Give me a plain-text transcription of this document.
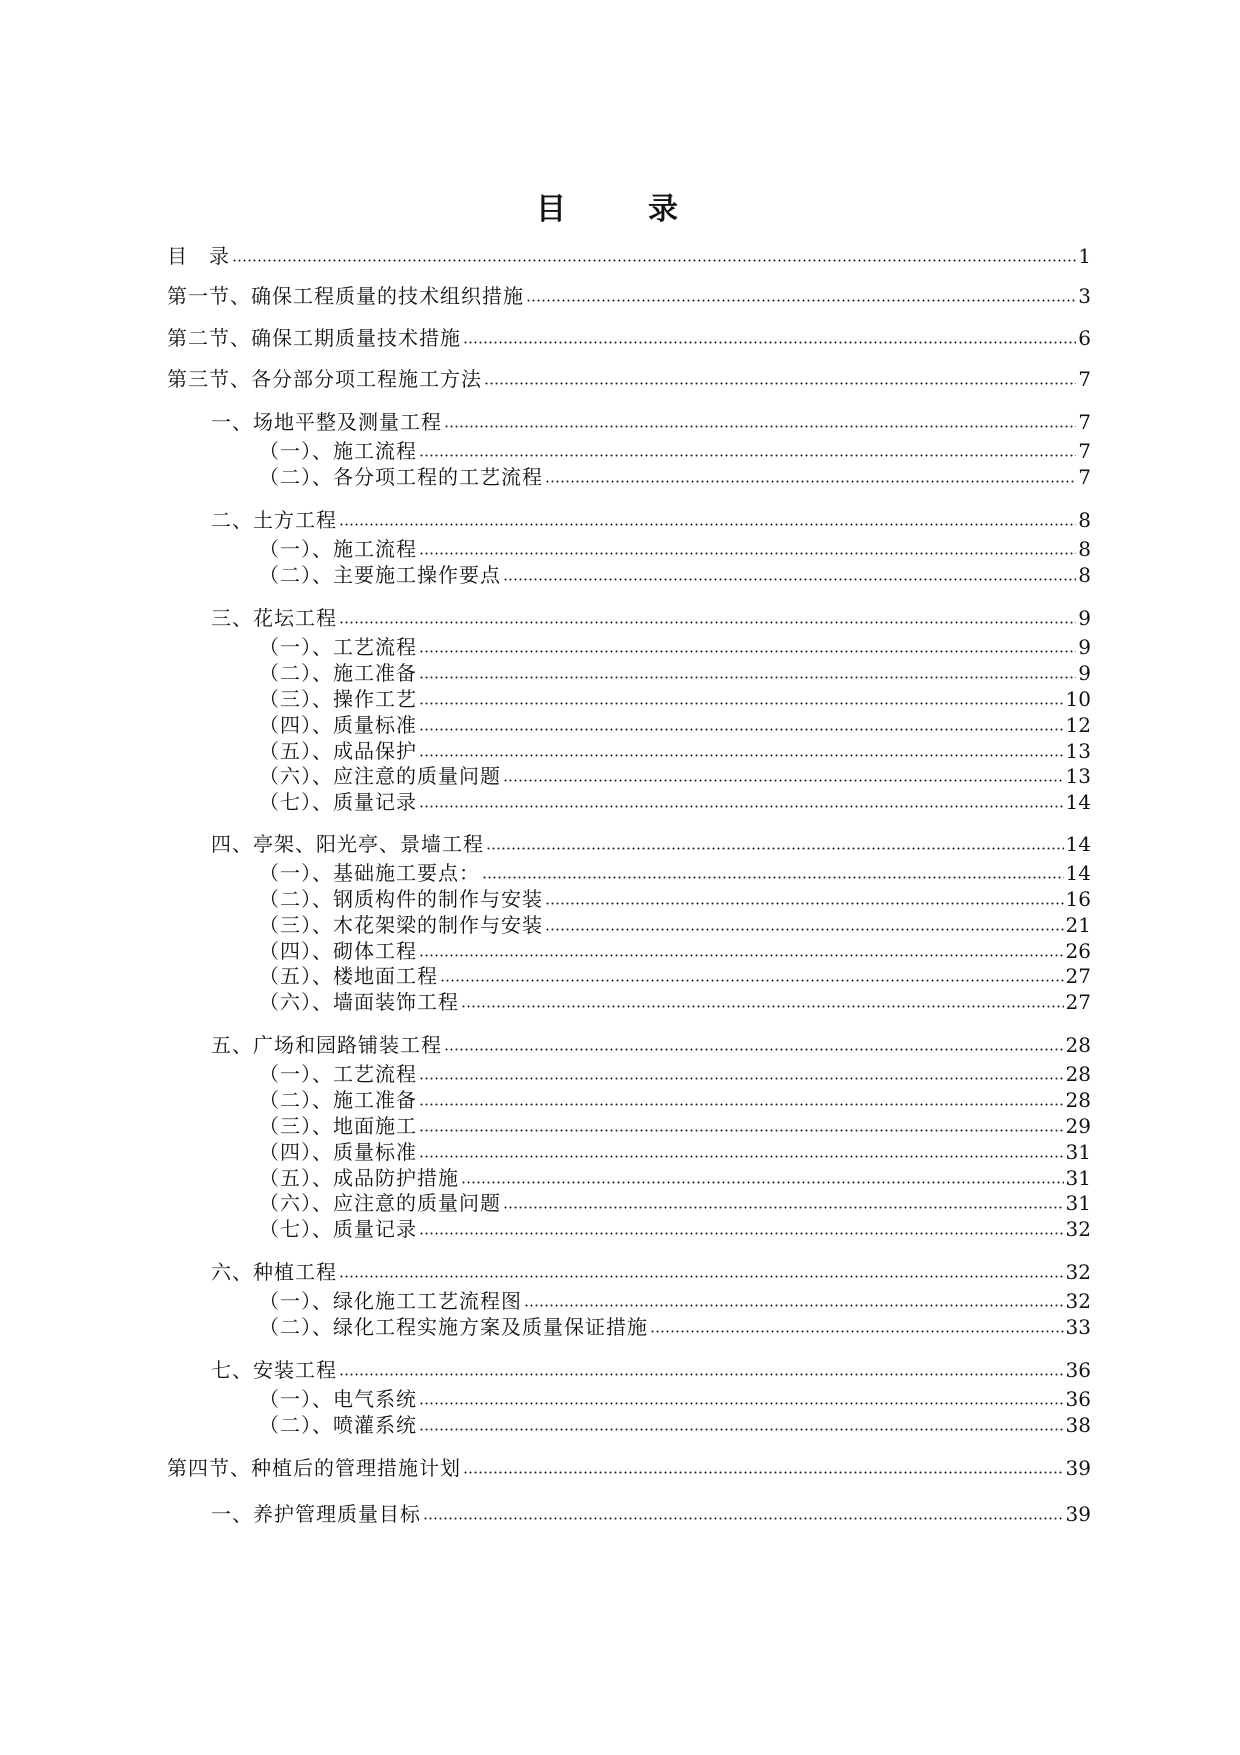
目　录
目　录	1
第一节、确保工程质量的技术组织措施	3
第二节、确保工期质量技术措施	6
第三节、各分部分项工程施工方法	7
一、场地平整及测量工程	7
（一）、施工流程	7
（二）、各分项工程的工艺流程	7
二、土方工程	8
（一）、施工流程	8
（二）、主要施工操作要点	8
三、花坛工程	9
（一）、工艺流程	9
（二）、施工准备	9
（三）、操作工艺	10
（四）、质量标准	12
（五）、成品保护	13
（六）、应注意的质量问题	13
（七）、质量记录	14
四、亭架、阳光亭、景墙工程	14
（一）、基础施工要点：	14
（二）、钢质构件的制作与安装	16
（三）、木花架梁的制作与安装	21
（四）、砌体工程	26
（五）、楼地面工程	27
（六）、墙面装饰工程	27
五、广场和园路铺装工程	28
（一）、工艺流程	28
（二）、施工准备	28
（三）、地面施工	29
（四）、质量标准	31
（五）、成品防护措施	31
（六）、应注意的质量问题	31
（七）、质量记录	32
六、种植工程	32
（一）、绿化施工工艺流程图	32
（二）、绿化工程实施方案及质量保证措施	33
七、安装工程	36
（一）、电气系统	36
（二）、喷灌系统	38
第四节、种植后的管理措施计划	39
一、养护管理质量目标	39
